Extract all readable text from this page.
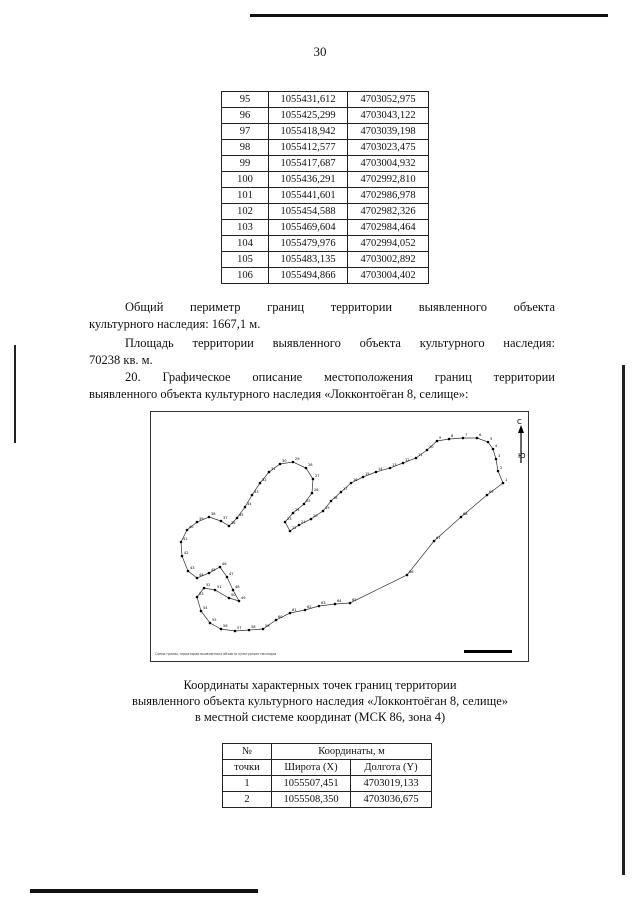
30
95	1055431,612	4703052,975
96	1055425,299	4703043,122
97	1055418,942	4703039,198
98	1055412,577	4703023,475
99	1055417,687	4703004,932
100	1055436,291	4702992,810
101	1055441,601	4702986,978
102	1055454,588	4702982,326
103	1055469,604	4702984,464
104	1055479,976	4702994,052
105	1055483,135	4703002,892
106	1055494,866	4703004,402
Общий периметр границ территории выявленного объекта
культурного наследия: 1667,1 м.
Площадь территории выявленного объекта культурного наследия:
70238 кв. м.
20. Графическое описание местоположения границ территории
выявленного объекта культурного наследия «Локконтоёган 8, селище»:
1
2
3
4
5
6
7
8
9
10
11
12
13
14
15
16
17
18
19
20
21
22
23
24
25
26
27
28
29
30
31
32
33
34
35
36
37
38
39
40
41
42
43
44
45
46
47
48
49
50
51
52
53
54
55
56	57	58	59
60
61
62
63	64	65
66
67
68
69
С
Ю
Схема границ территории выявленного объекта культурного наследия
Координаты характерных точек границ территории
выявленного объекта культурного наследия «Локконтоёган 8, селище»
в местной системе координат (МСК 86, зона 4)
№	Координаты, м	
точки	Широта (X)	Долгота (Y)
1	1055507,451	4703019,133
2	1055508,350	4703036,675
